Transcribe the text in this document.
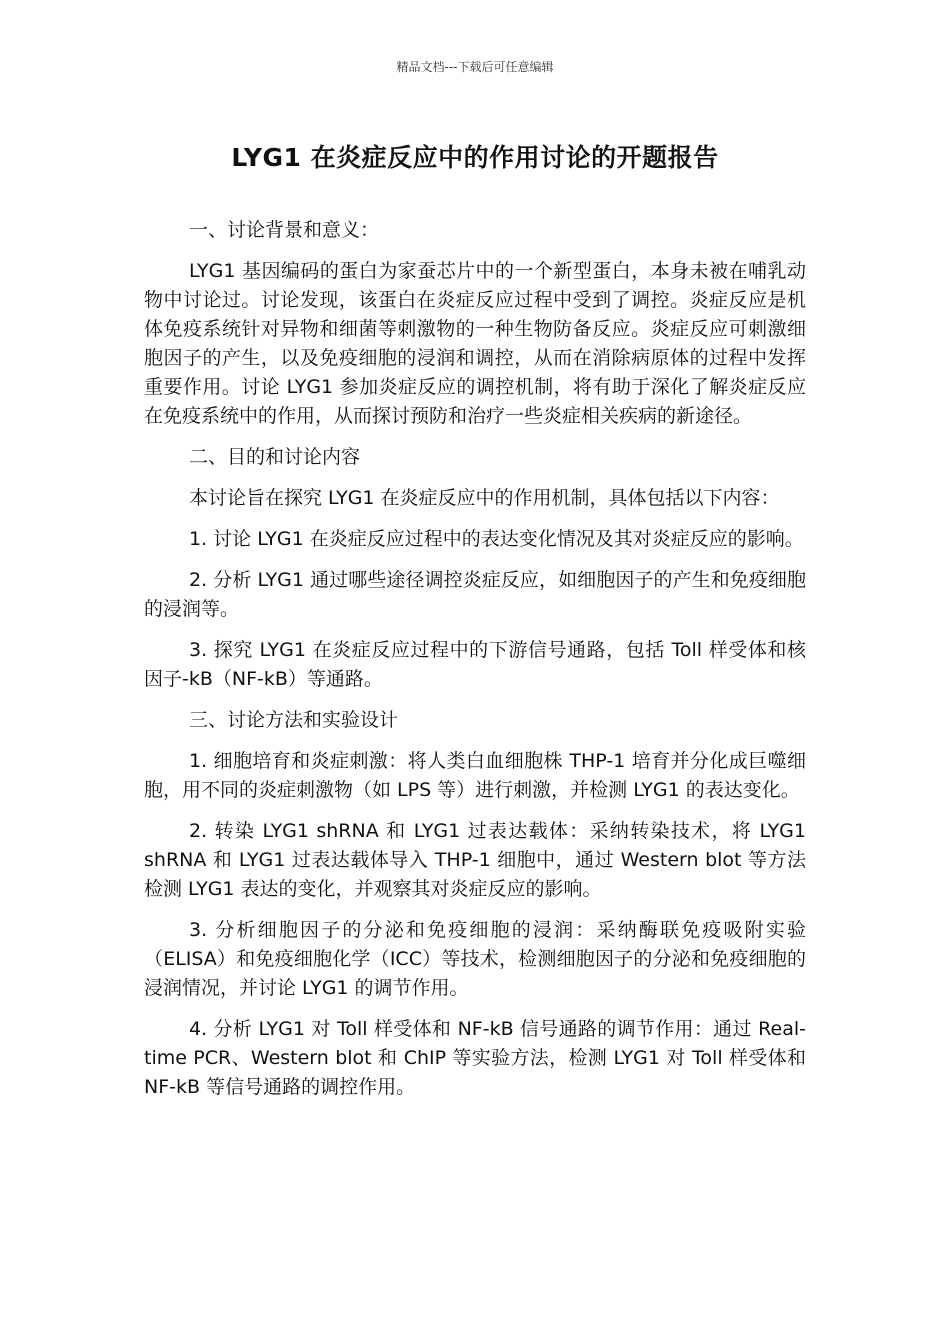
精品文档---下载后可任意编辑
LYG1 在炎症反应中的作用讨论的开题报告

一、讨论背景和意义：

LYG1 基因编码的蛋白为家蚕芯片中的一个新型蛋白，本身未被在哺乳动物中讨论过。讨论发现，该蛋白在炎症反应过程中受到了调控。炎症反应是机体免疫系统针对异物和细菌等刺激物的一种生物防备反应。炎症反应可刺激细胞因子的产生，以及免疫细胞的浸润和调控，从而在消除病原体的过程中发挥重要作用。讨论 LYG1 参加炎症反应的调控机制，将有助于深化了解炎症反应在免疫系统中的作用，从而探讨预防和治疗一些炎症相关疾病的新途径。

二、目的和讨论内容

本讨论旨在探究 LYG1 在炎症反应中的作用机制，具体包括以下内容：

1. 讨论 LYG1 在炎症反应过程中的表达变化情况及其对炎症反应的影响。

2. 分析 LYG1 通过哪些途径调控炎症反应，如细胞因子的产生和免疫细胞的浸润等。

3. 探究 LYG1 在炎症反应过程中的下游信号通路，包括 Toll 样受体和核因子-kB（NF-kB）等通路。

三、讨论方法和实验设计

1. 细胞培育和炎症刺激：将人类白血细胞株 THP-1 培育并分化成巨噬细胞，用不同的炎症刺激物（如 LPS 等）进行刺激，并检测 LYG1 的表达变化。

2. 转染 LYG1 shRNA 和 LYG1 过表达载体：采纳转染技术，将 LYG1 shRNA 和 LYG1 过表达载体导入 THP-1 细胞中，通过 Western blot 等方法检测 LYG1 表达的变化，并观察其对炎症反应的影响。

3. 分析细胞因子的分泌和免疫细胞的浸润：采纳酶联免疫吸附实验（ELISA）和免疫细胞化学（ICC）等技术，检测细胞因子的分泌和免疫细胞的浸润情况，并讨论 LYG1 的调节作用。

4. 分析 LYG1 对 Toll 样受体和 NF-kB 信号通路的调节作用：通过 Real-time PCR、Western blot 和 ChIP 等实验方法，检测 LYG1 对 Toll 样受体和 NF-kB 等信号通路的调控作用。
